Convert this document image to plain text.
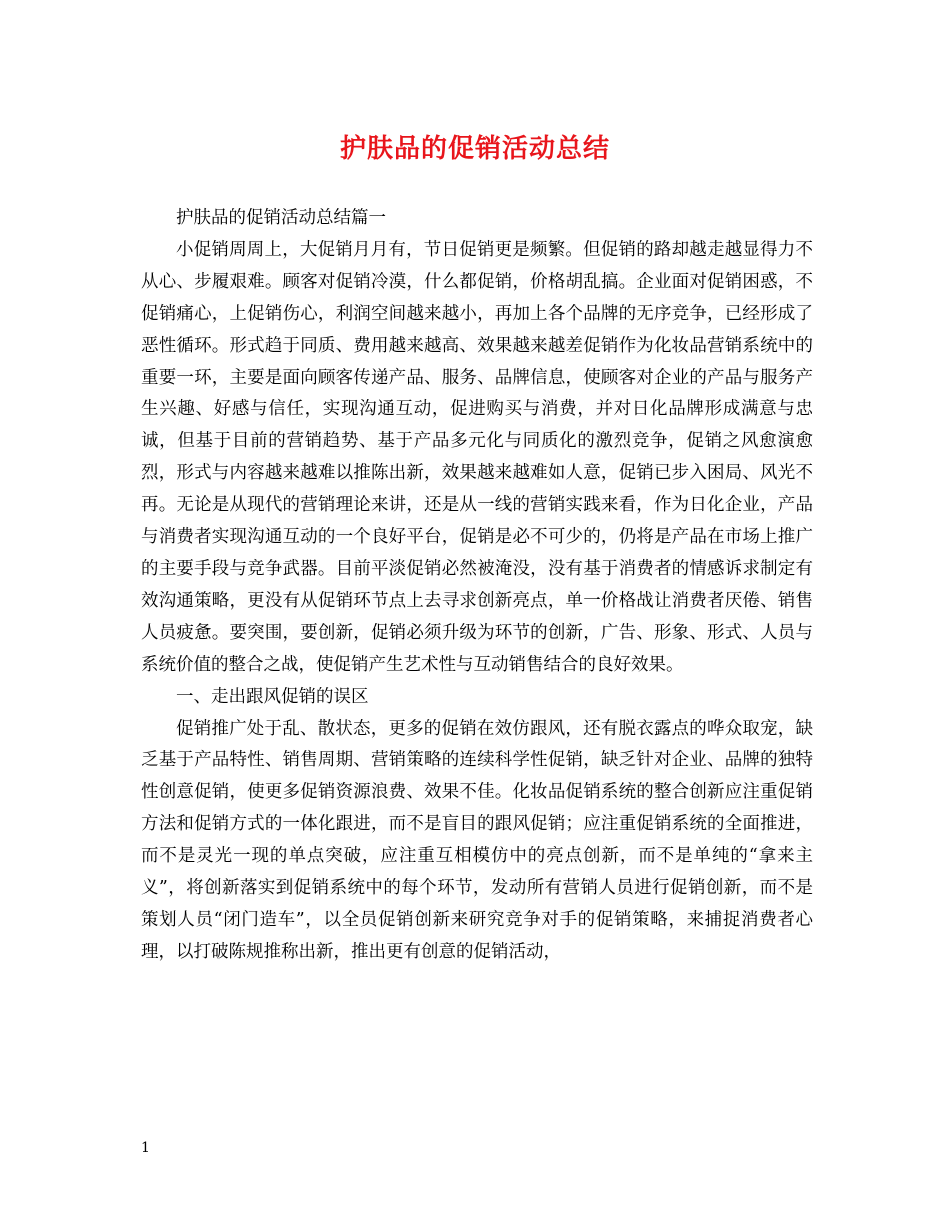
护肤品的促销活动总结

护肤品的促销活动总结篇一

小促销周周上，大促销月月有，节日促销更是频繁。但促销的路却越走越显得力不从心、步履艰难。顾客对促销冷漠，什么都促销，价格胡乱搞。企业面对促销困惑，不促销痛心，上促销伤心，利润空间越来越小，再加上各个品牌的无序竞争，已经形成了恶性循环。形式趋于同质、费用越来越高、效果越来越差促销作为化妆品营销系统中的重要一环，主要是面向顾客传递产品、服务、品牌信息，使顾客对企业的产品与服务产生兴趣、好感与信任，实现沟通互动，促进购买与消费，并对日化品牌形成满意与忠诚，但基于目前的营销趋势、基于产品多元化与同质化的激烈竞争，促销之风愈演愈烈，形式与内容越来越难以推陈出新，效果越来越难如人意，促销已步入困局、风光不再。无论是从现代的营销理论来讲，还是从一线的营销实践来看，作为日化企业，产品与消费者实现沟通互动的一个良好平台，促销是必不可少的，仍将是产品在市场上推广的主要手段与竞争武器。目前平淡促销必然被淹没，没有基于消费者的情感诉求制定有效沟通策略，更没有从促销环节点上去寻求创新亮点，单一价格战让消费者厌倦、销售人员疲惫。要突围，要创新，促销必须升级为环节的创新，广告、形象、形式、人员与系统价值的整合之战，使促销产生艺术性与互动销售结合的良好效果。

一、走出跟风促销的误区

促销推广处于乱、散状态，更多的促销在效仿跟风，还有脱衣露点的哗众取宠，缺乏基于产品特性、销售周期、营销策略的连续科学性促销，缺乏针对企业、品牌的独特性创意促销，使更多促销资源浪费、效果不佳。化妆品促销系统的整合创新应注重促销方法和促销方式的一体化跟进，而不是盲目的跟风促销；应注重促销系统的全面推进，而不是灵光一现的单点突破，应注重互相模仿中的亮点创新，而不是单纯的“拿来主义”，将创新落实到促销系统中的每个环节，发动所有营销人员进行促销创新，而不是策划人员“闭门造车”，以全员促销创新来研究竞争对手的促销策略，来捕捉消费者心理，以打破陈规推称出新，推出更有创意的促销活动，

1
